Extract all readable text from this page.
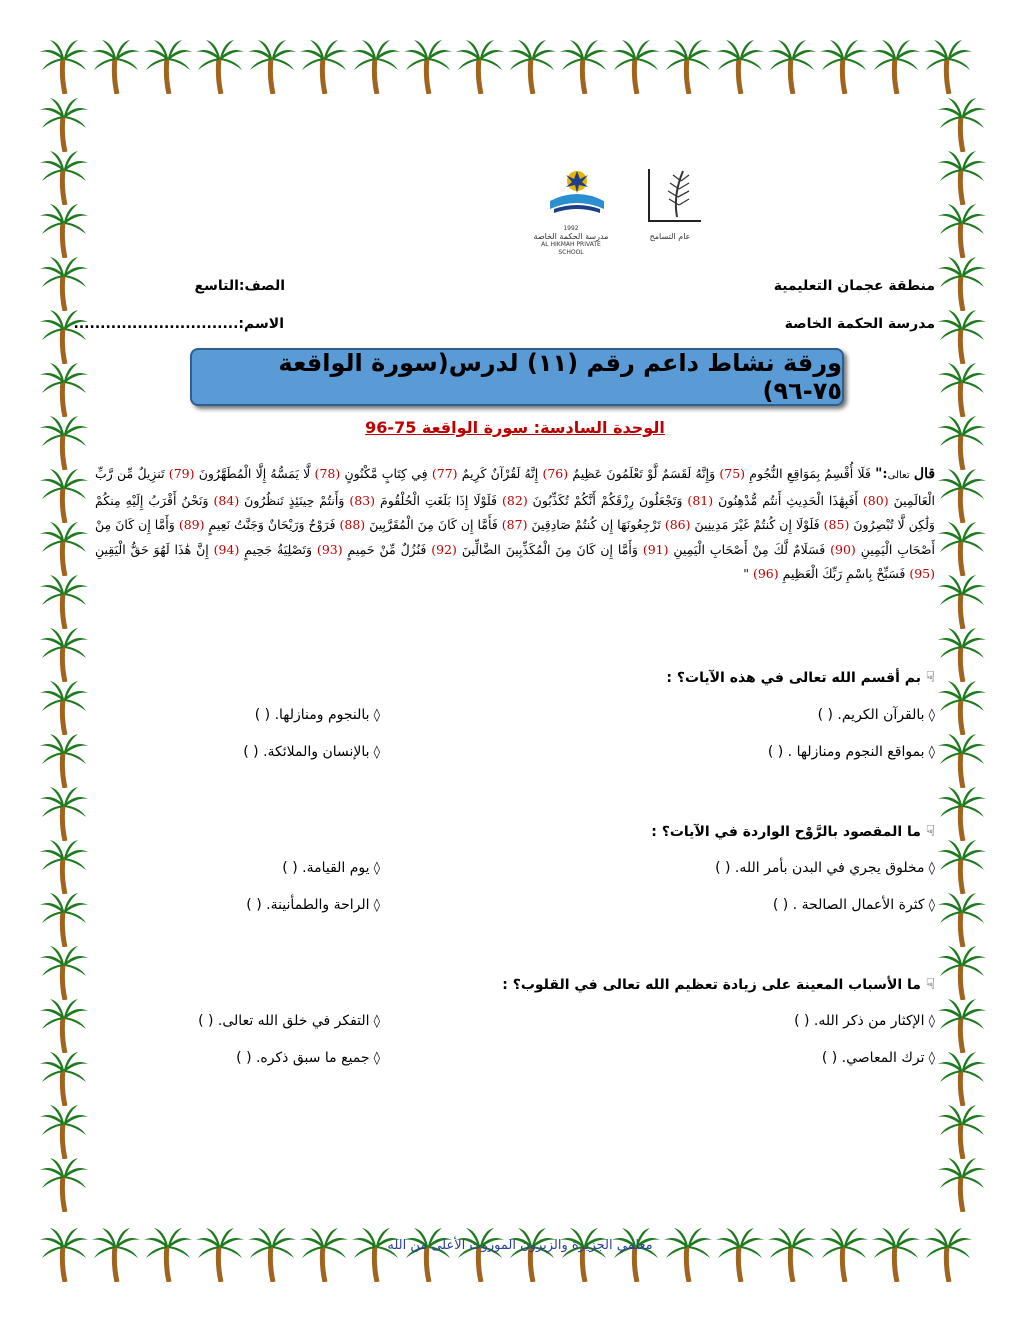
1992
مدرسة الحكمة الخاصة
AL HIKMAH PRIVATE SCHOOL
عام التسامح
منطقة عجمان التعليمية
مدرسة الحكمة الخاصة
الصف:التاسع
الاسم:...............................
ورقة نشاط داعم رقم (١١) لدرس(سورة الواقعة ٧٥-٩٦)
الوحدة السادسة: سورة الواقعة 75-96
قال تعالى:" فَلَا أُقْسِمُ بِمَوَاقِعِ النُّجُومِ (75) وَإِنَّهُ لَقَسَمٌ لَّوْ تَعْلَمُونَ عَظِيمٌ (76) إِنَّهُ لَقُرْآنٌ كَرِيمٌ (77) فِي كِتَابٍ مَّكْنُونٍ (78) لَّا يَمَسُّهُ إِلَّا الْمُطَهَّرُونَ (79) تَنزِيلٌ مِّن رَّبِّ الْعَالَمِينَ (80) أَفَبِهَٰذَا الْحَدِيثِ أَنتُم مُّدْهِنُونَ (81) وَتَجْعَلُونَ رِزْقَكُمْ أَنَّكُمْ تُكَذِّبُونَ (82) فَلَوْلَا إِذَا بَلَغَتِ الْحُلْقُومَ (83) وَأَنتُمْ حِينَئِذٍ تَنظُرُونَ (84) وَنَحْنُ أَقْرَبُ إِلَيْهِ مِنكُمْ وَلَٰكِن لَّا تُبْصِرُونَ (85) فَلَوْلَا إِن كُنتُمْ غَيْرَ مَدِينِينَ (86) تَرْجِعُونَهَا إِن كُنتُمْ صَادِقِينَ (87) فَأَمَّا إِن كَانَ مِنَ الْمُقَرَّبِينَ (88) فَرَوْحٌ وَرَيْحَانٌ وَجَنَّتُ نَعِيمٍ (89) وَأَمَّا إِن كَانَ مِنْ أَصْحَابِ الْيَمِينِ (90) فَسَلَامٌ لَّكَ مِنْ أَصْحَابِ الْيَمِينِ (91) وَأَمَّا إِن كَانَ مِنَ الْمُكَذِّبِينَ الضَّالِّينَ (92) فَنُزُلٌ مِّنْ حَمِيمٍ (93) وَتَصْلِيَةُ جَحِيمٍ (94) إِنَّ هَٰذَا لَهُوَ حَقُّ الْيَقِينِ (95) فَسَبِّحْ بِاسْمِ رَبِّكَ الْعَظِيمِ (96) "
☟ بم أقسم الله تعالى في هذه الآيات؟ :
◊بالقرآن الكريم. ( )
◊بالنجوم ومنازلها. ( )
◊بمواقع النجوم ومنازلها . ( )
◊بالإنسان والملائكة. ( )
☟ ما المقصود بالرَّوْح الواردة في الآيات؟ :
◊مخلوق يجري في البدن بأمر الله. ( )
◊يوم القيامة. ( )
◊كثرة الأعمال الصالحة . ( )
◊الراحة والطمأنينة. ( )
☟ ما الأسباب المعينة على زيادة تعظيم الله تعالى في القلوب؟ :
◊الإكثار من ذكر الله. ( )
◊التفكر في خلق الله تعالى. ( )
◊ترك المعاصي. ( )
◊جميع ما سبق ذكره. ( )
معلمي الجزيرة والزيرون الموروث الأعلى من الله
